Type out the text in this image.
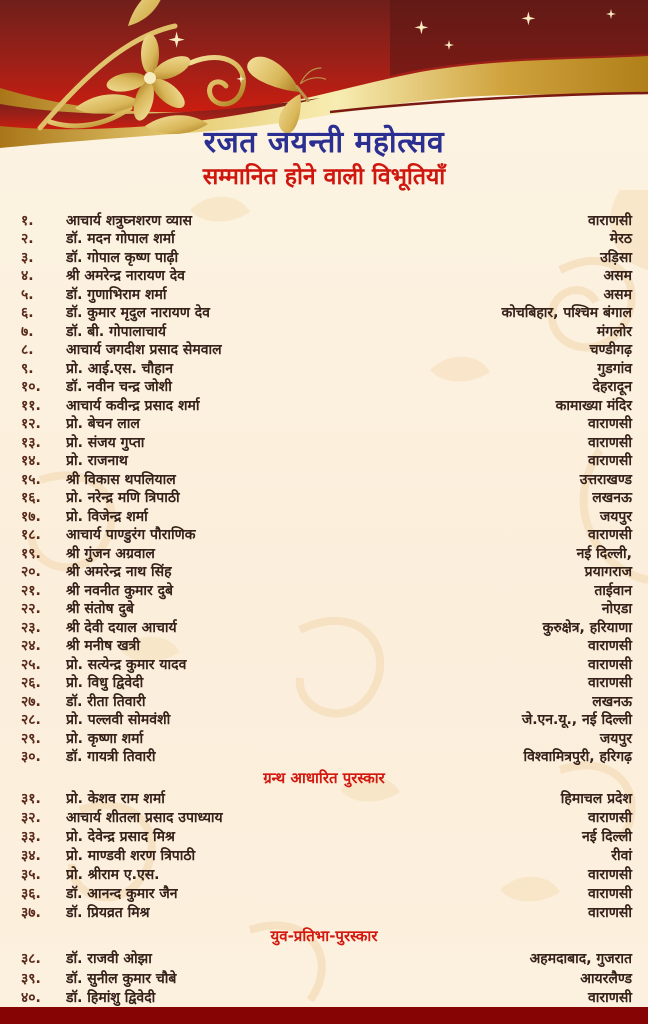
रजत जयन्ती महोत्सव
सम्मानित होने वाली विभूतियाँ
१.	आचार्य शत्रुघ्नशरण व्यास	वाराणसी
२.	डॉ. मदन गोपाल शर्मा	मेरठ
३.	डॉ. गोपाल कृष्ण पाढ़ी	उड़िसा
४.	श्री अमरेन्द्र नारायण देव	असम
५.	डॉ. गुणाभिराम शर्मा	असम
६.	डॉ. कुमार मृदुल नारायण देव	कोचबिहार, पश्चिम बंगाल
७.	डॉ. बी. गोपालाचार्य	मंगलोर
८.	आचार्य जगदीश प्रसाद सेमवाल	चण्डीगढ़
९.	प्रो. आई.एस. चौहान	गुडगांव
१०.	डॉ. नवीन चन्द्र जोशी	देहरादून
११.	आचार्य कवीन्द्र प्रसाद शर्मा	कामाख्या मंदिर
१२.	प्रो. बेचन लाल	वाराणसी
१३.	प्रो. संजय गुप्ता	वाराणसी
१४.	प्रो. राजनाथ	वाराणसी
१५.	श्री विकास थपलियाल	उत्तराखण्ड
१६.	प्रो. नरेन्द्र मणि त्रिपाठी	लखनऊ
१७.	प्रो. विजेन्द्र शर्मा	जयपुर
१८.	आचार्य पाण्डुरंग पौराणिक	वाराणसी
१९.	श्री गुंजन अग्रवाल	नई दिल्ली,
२०.	श्री अमरेन्द्र नाथ सिंह	प्रयागराज
२१.	श्री नवनीत कुमार दुबे	ताईवान
२२.	श्री संतोष दुबे	नोएडा
२३.	श्री देवी दयाल आचार्य	कुरुक्षेत्र, हरियाणा
२४.	श्री मनीष खत्री	वाराणसी
२५.	प्रो. सत्येन्द्र कुमार यादव	वाराणसी
२६.	प्रो. विधु द्विवेदी	वाराणसी
२७.	डॉ. रीता तिवारी	लखनऊ
२८.	प्रो. पल्लवी सोमवंशी	जे.एन.यू., नई दिल्ली
२९.	प्रो. कृष्णा शर्मा	जयपुर
३०.	डॉ. गायत्री तिवारी	विश्वामित्रपुरी, हरिगढ़
ग्रन्थ आधारित पुरस्कार
३१.	प्रो. केशव राम शर्मा	हिमाचल प्रदेश
३२.	आचार्य शीतला प्रसाद उपाध्याय	वाराणसी
३३.	प्रो. देवेन्द्र प्रसाद मिश्र	नई दिल्ली
३४.	प्रो. माण्डवी शरण त्रिपाठी	रीवां
३५.	प्रो. श्रीराम ए.एस.	वाराणसी
३६.	डॉ. आनन्द कुमार जैन	वाराणसी
३७.	डॉ. प्रियव्रत मिश्र	वाराणसी
युव-प्रतिभा-पुरस्कार
३८.	डॉ. राजवी ओझा	अहमदाबाद, गुजरात
३९.	डॉ. सुनील कुमार चौबे	आयरलैण्ड
४०.	डॉ. हिमांशु द्विवेदी	वाराणसी
